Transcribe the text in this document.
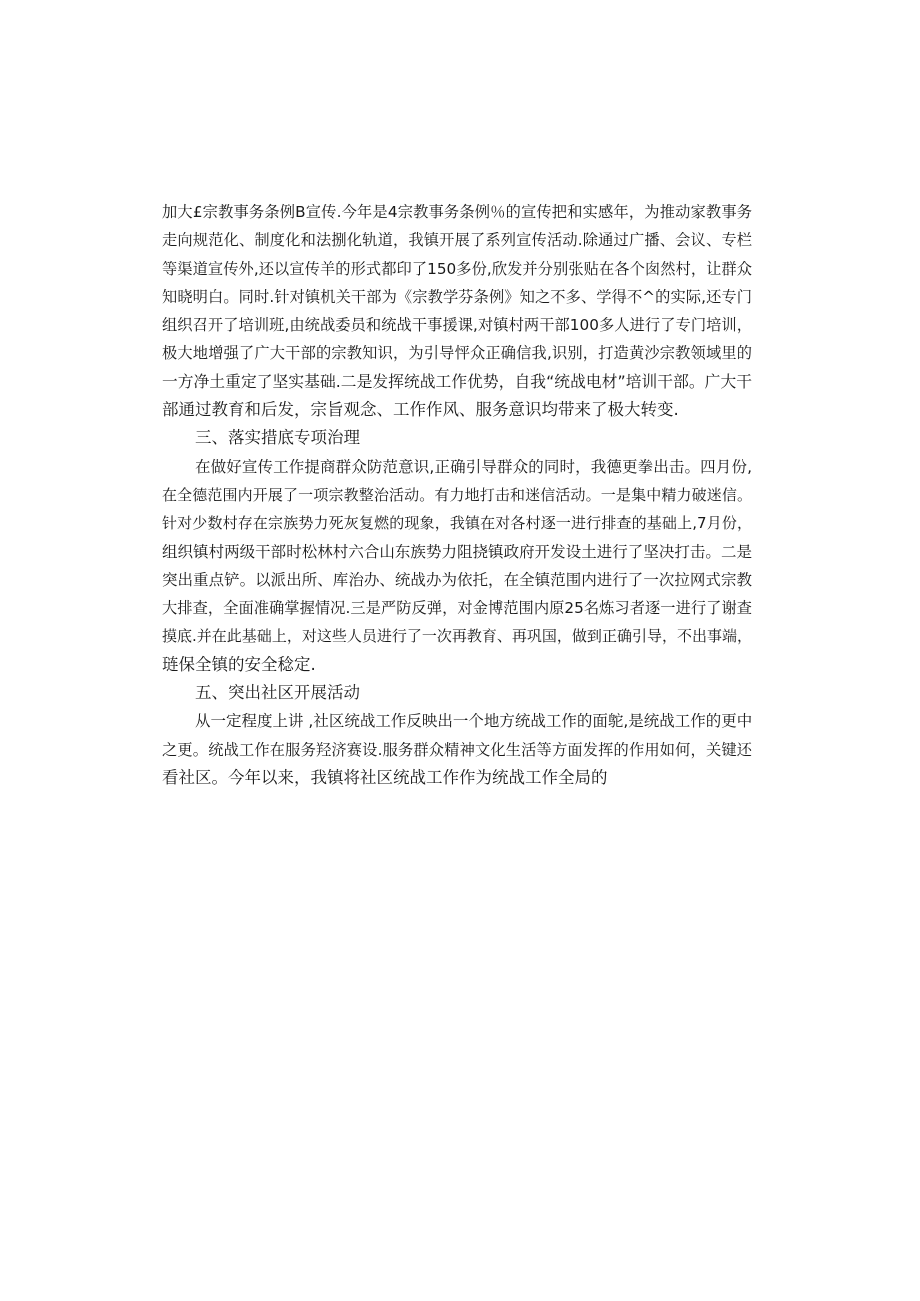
加大£宗教事务条例B宣传.今年是4宗教事务条例％的宣传把和实感年，为推动家教事务
走向规范化、制度化和法捌化轨道，我镇开展了系列宣传活动.除通过广播、会议、专栏
等渠道宣传外,还以宣传羊的形式都印了150多份,欣发并分别张贴在各个囱然村，让群众
知晓明白。同时.针对镇机关干部为《宗教学芬条例》知之不多、学得不^的实际,还专门
组织召开了培训班,由统战委员和统战干事援课,对镇村两干部100多人进行了专门培训，
极大地增强了广大干部的宗教知识，为引导怦众正确信我,识别，打造黄沙宗教领域里的
一方净土重定了坚实基础.二是发挥统战工作优势，自我“统战电材”培训干部。广大干
部通过教育和后发，宗旨观念、工作作风、服务意识均带来了极大转变.
三、落实措底专项治理
在做好宣传工作提商群众防范意识,正确引导群众的同时，我德更拳出击。四月份,
在全德范围内开展了一项宗教整治活动。有力地打击和迷信活动。一是集中精力破迷信。
针对少数村存在宗族势力死灰复燃的现象，我镇在对各村逐一进行排查的基础上,7月份，
组织镇村两级干部时松林村六合山东族势力阻挠镇政府开发设土进行了坚决打击。二是
突出重点铲。以派出所、库治办、统战办为依托，在全镇范围内进行了一次拉网式宗教
大排查，全面准确掌握情况.三是严防反弹，对金博范围内原25名炼习者逐一进行了谢查
摸底.并在此基础上，对这些人员进行了一次再教育、再巩国，做到正确引导，不出事端，
琏保全镇的安全稔定.
五、突出社区开展活动
从一定程度上讲 ,社区统战工作反映出一个地方统战工作的面鸵,是统战工作的更中
之更。统战工作在服务羟济赛设.服务群众精神文化生活等方面发挥的作用如何，关键还
看社区。今年以来，我镇将社区统战工作作为统战工作全局的
